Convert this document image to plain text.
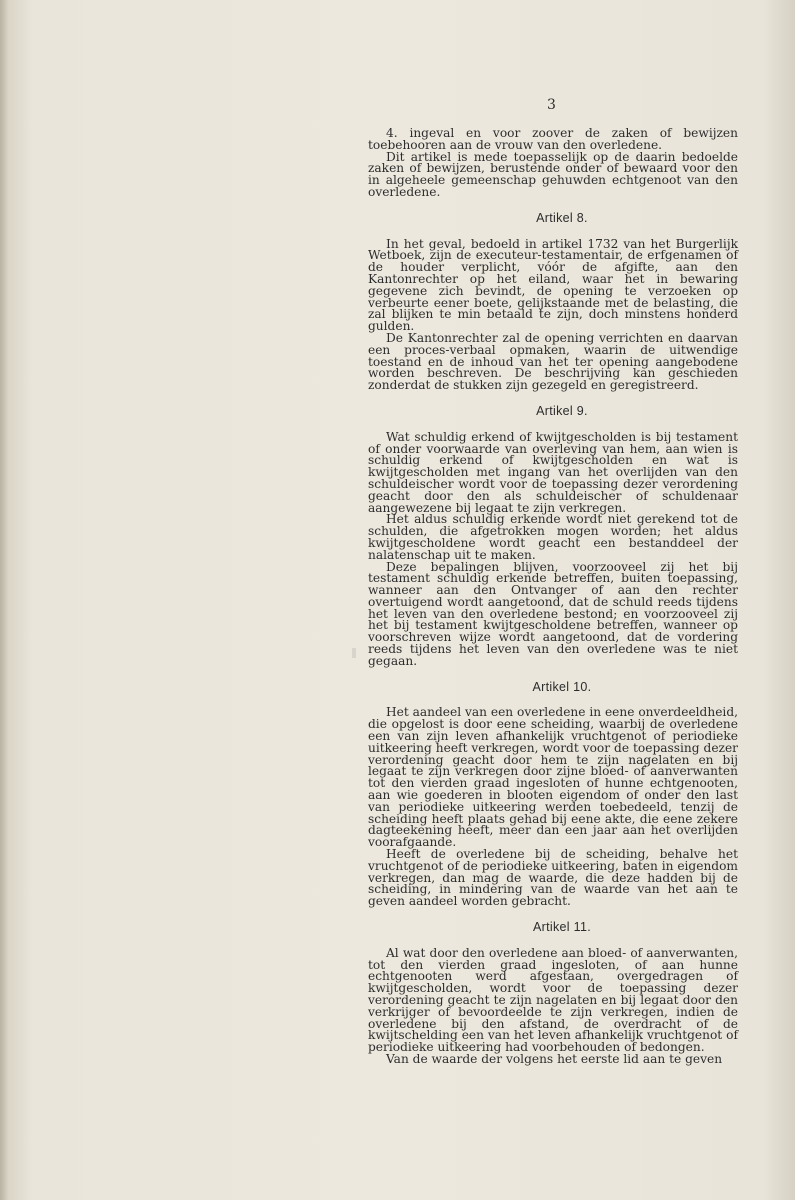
3

4. ingeval en voor zoover de zaken of bewijzen toebehooren aan de vrouw van den overledene.

Dit artikel is mede toepasselijk op de daarin bedoelde zaken of bewijzen, berustende onder of bewaard voor den in algeheele gemeenschap gehuwden echtgenoot van den overledene.

Artikel 8.

In het geval, bedoeld in artikel 1732 van het Burgerlijk Wetboek, zijn de executeur-testamentair, de erfgenamen of de houder verplicht, vóór de afgifte, aan den Kantonrechter op het eiland, waar het in bewaring gegevene zich bevindt, de opening te verzoeken op verbeurte eener boete, gelijkstaande met de belasting, die zal blijken te min betaald te zijn, doch minstens honderd gulden.

De Kantonrechter zal de opening verrichten en daarvan een proces-verbaal opmaken, waarin de uitwendige toestand en de inhoud van het ter opening aangebodene worden beschreven. De beschrijving kan geschieden zonderdat de stukken zijn gezegeld en geregistreerd.

Artikel 9.

Wat schuldig erkend of kwijtgescholden is bij testament of onder voorwaarde van overleving van hem, aan wien is schuldig erkend of kwijtgescholden en wat is kwijtgescholden met ingang van het overlijden van den schuldeischer wordt voor de toepassing dezer verordening geacht door den als schuldeischer of schuldenaar aangewezene bij legaat te zijn verkregen.

Het aldus schuldig erkende wordt niet gerekend tot de schulden, die afgetrokken mogen worden; het aldus kwijtgescholdene wordt geacht een bestanddeel der nalatenschap uit te maken.

Deze bepalingen blijven, voorzooveel zij het bij testament schuldig erkende betreffen, buiten toepassing, wanneer aan den Ontvanger of aan den rechter overtuigend wordt aangetoond, dat de schuld reeds tijdens het leven van den overledene bestond; en voorzooveel zij het bij testament kwijtgescholdene betreffen, wanneer op voorschreven wijze wordt aangetoond, dat de vordering reeds tijdens het leven van den overledene was te niet gegaan.

Artikel 10.

Het aandeel van een overledene in eene onverdeeldheid, die opgelost is door eene scheiding, waarbij de overledene een van zijn leven afhankelijk vruchtgenot of periodieke uitkeering heeft verkregen, wordt voor de toepassing dezer verordening geacht door hem te zijn nagelaten en bij legaat te zijn verkregen door zijne bloed- of aanverwanten tot den vierden graad ingesloten of hunne echtgenooten, aan wie goederen in blooten eigendom of onder den last van periodieke uitkeering werden toebedeeld, tenzij de scheiding heeft plaats gehad bij eene akte, die eene zekere dagteekening heeft, meer dan een jaar aan het overlijden voorafgaande.

Heeft de overledene bij de scheiding, behalve het vruchtgenot of de periodieke uitkeering, baten in eigendom verkregen, dan mag de waarde, die deze hadden bij de scheiding, in mindering van de waarde van het aan te geven aandeel worden gebracht.

Artikel 11.

Al wat door den overledene aan bloed- of aanverwanten, tot den vierden graad ingesloten, of aan hunne echtgenooten werd afgestaan, overgedragen of kwijtgescholden, wordt voor de toepassing dezer verordening geacht te zijn nagelaten en bij legaat door den verkrijger of bevoordeelde te zijn verkregen, indien de overledene bij den afstand, de overdracht of de kwijtschelding een van het leven afhankelijk vruchtgenot of periodieke uitkeering had voorbehouden of bedongen.

Van de waarde der volgens het eerste lid aan te geven
